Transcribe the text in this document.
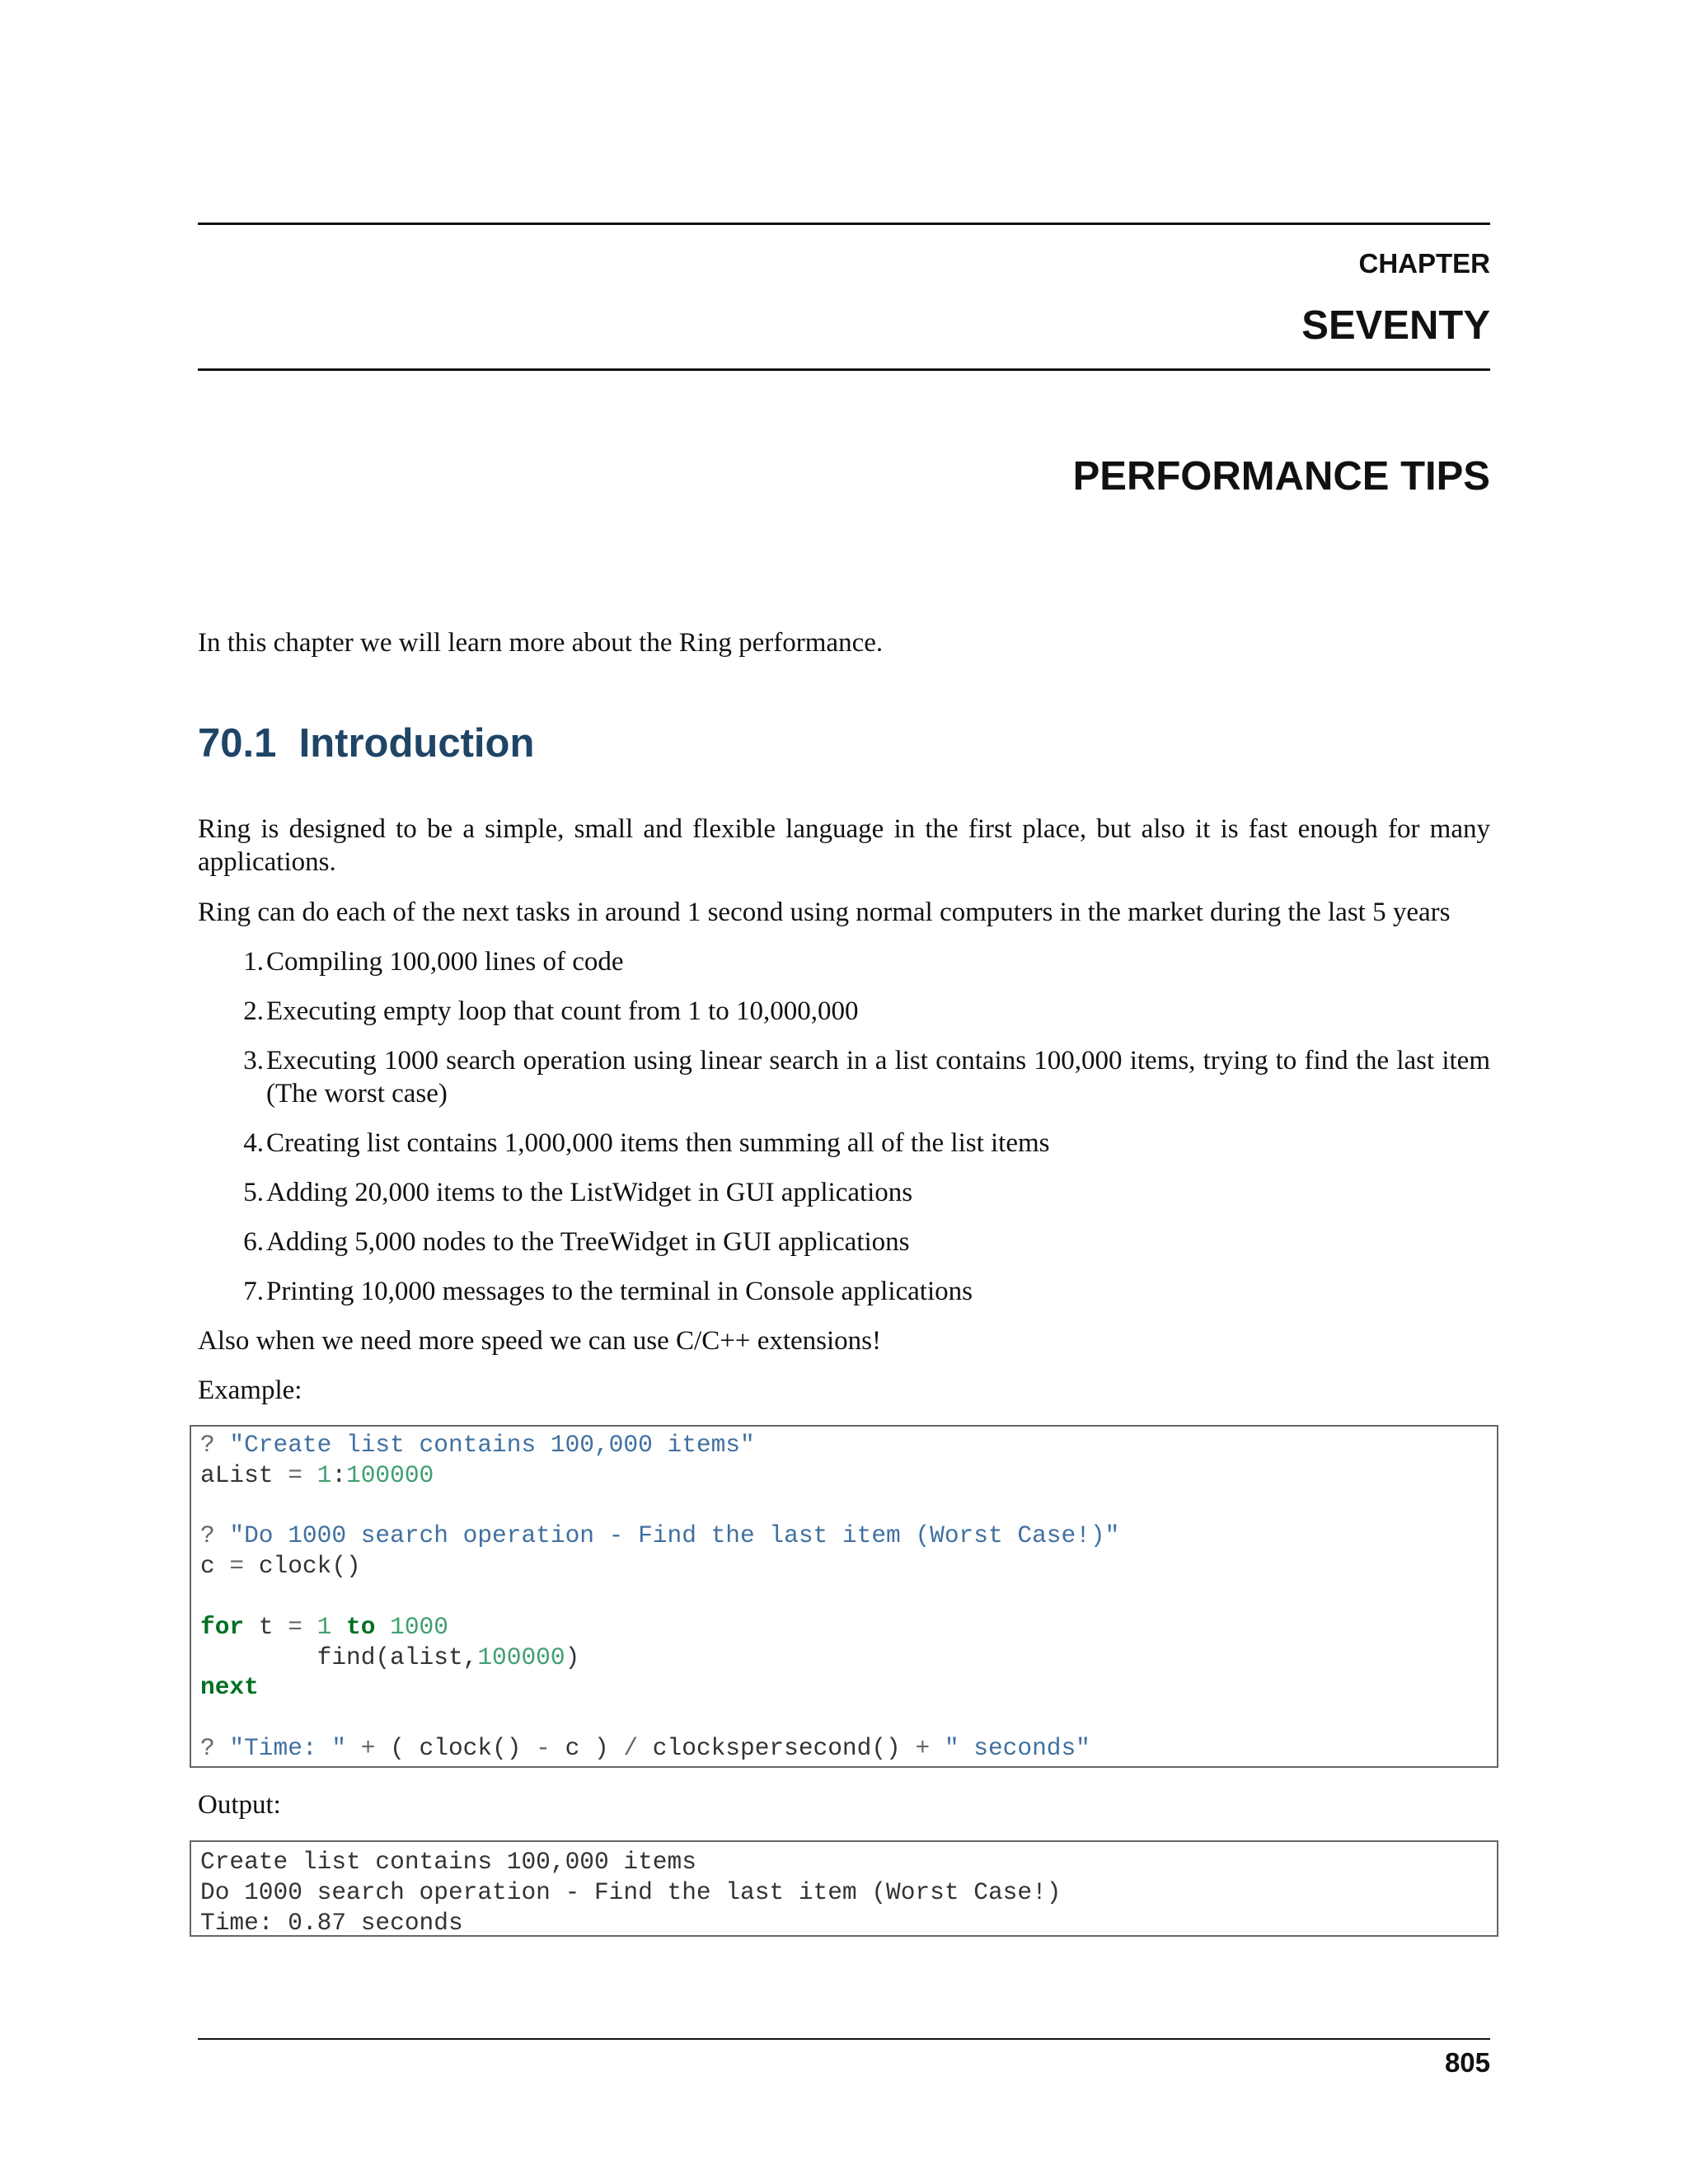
CHAPTER
SEVENTY
PERFORMANCE TIPS
In this chapter we will learn more about the Ring performance.
70.1 Introduction
Ring is designed to be a simple, small and flexible language in the first place, but also it is fast enough for many applications.
Ring can do each of the next tasks in around 1 second using normal computers in the market during the last 5 years
1. Compiling 100,000 lines of code
2. Executing empty loop that count from 1 to 10,000,000
3. Executing 1000 search operation using linear search in a list contains 100,000 items, trying to find the last item (The worst case)
4. Creating list contains 1,000,000 items then summing all of the list items
5. Adding 20,000 items to the ListWidget in GUI applications
6. Adding 5,000 nodes to the TreeWidget in GUI applications
7. Printing 10,000 messages to the terminal in Console applications
Also when we need more speed we can use C/C++ extensions!
Example:
? "Create list contains 100,000 items"
aList = 1:100000
? "Do 1000 search operation - Find the last item (Worst Case!)"
c = clock()
for t = 1 to 1000
find(alist,100000)
next
? "Time: " + ( clock() - c ) / clockspersecond() + " seconds"
Output:
Create list contains 100,000 items
Do 1000 search operation - Find the last item (Worst Case!)
Time: 0.87 seconds
805
